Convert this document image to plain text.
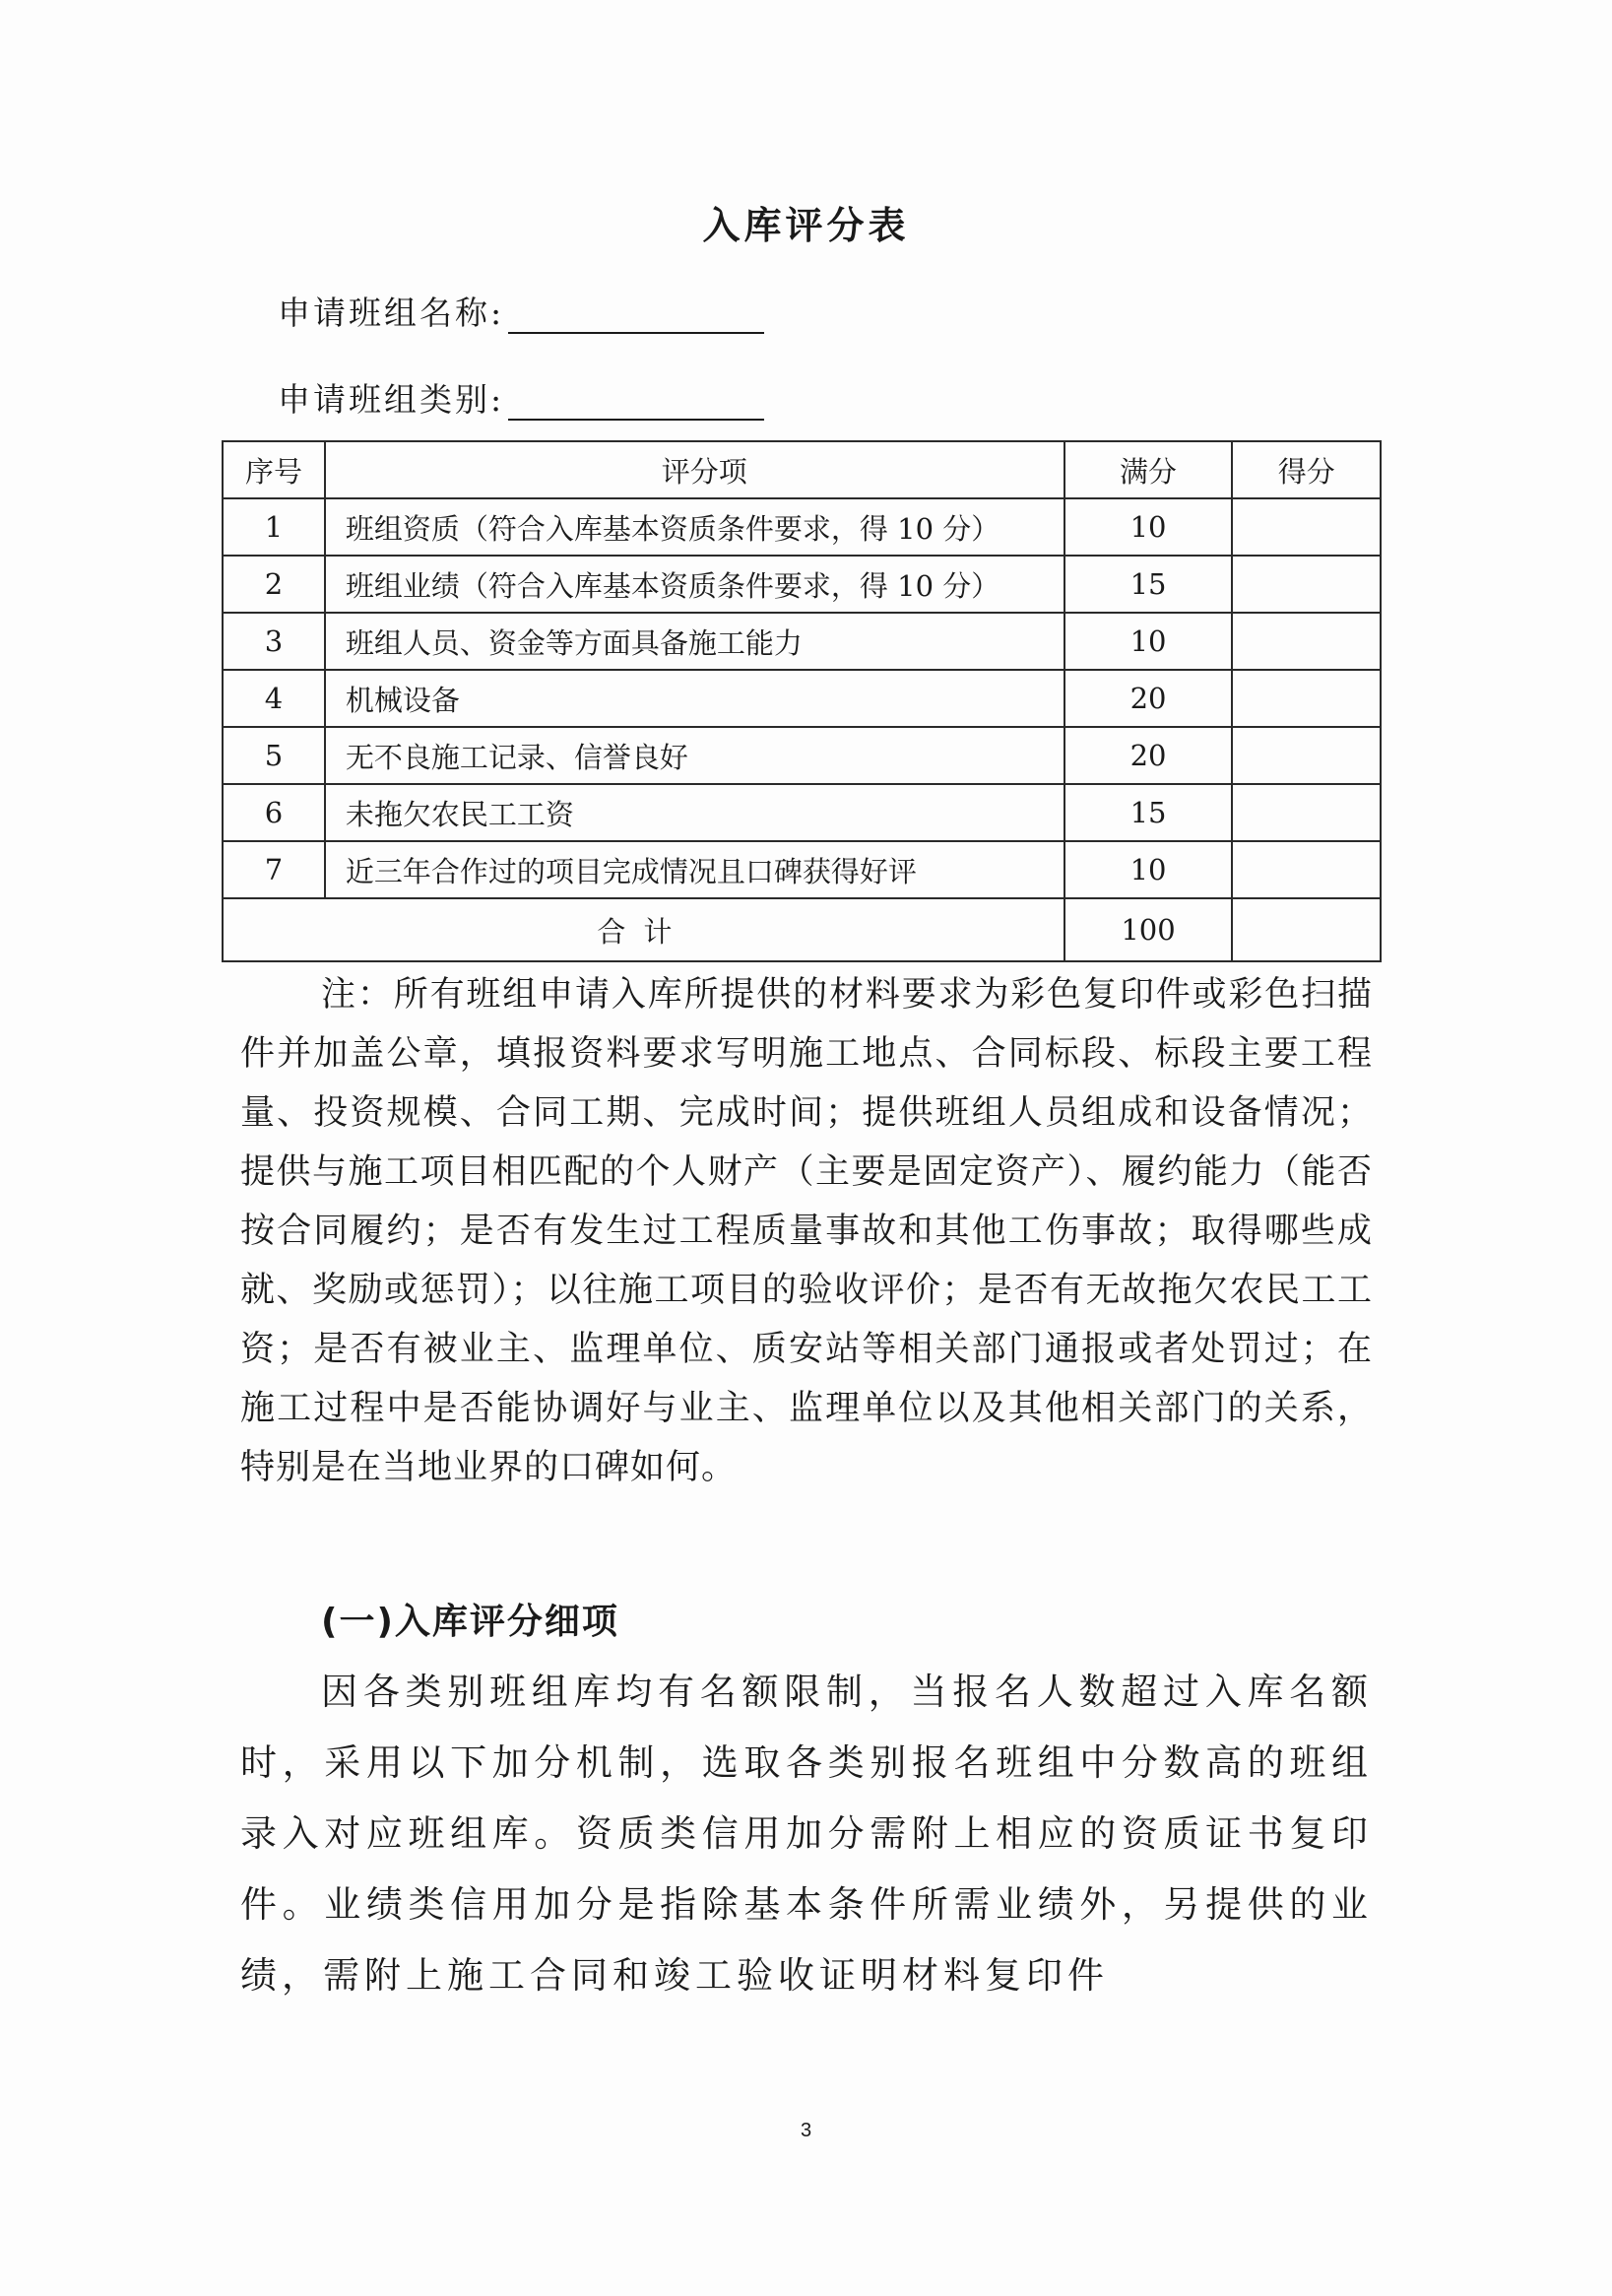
入库评分表
申请班组名称:
申请班组类别:
序号	评分项	满分	得分
1	班组资质（符合入库基本资质条件要求，得 10 分）	10	
2	班组业绩（符合入库基本资质条件要求，得 10 分）	15	
3	班组人员、资金等方面具备施工能力	10	
4	机械设备	20	
5	无不良施工记录、信誉良好	20	
6	未拖欠农民工工资	15	
7	近三年合作过的项目完成情况且口碑获得好评	10	
合计		100	

注：所有班组申请入库所提供的材料要求为彩色复印件或彩色扫描件并加盖公章，填报资料要求写明施工地点、合同标段、标段主要工程量、投资规模、合同工期、完成时间；提供班组人员组成和设备情况；提供与施工项目相匹配的个人财产（主要是固定资产）、履约能力（能否按合同履约；是否有发生过工程质量事故和其他工伤事故；取得哪些成就、奖励或惩罚）；以往施工项目的验收评价；是否有无故拖欠农民工工资；是否有被业主、监理单位、质安站等相关部门通报或者处罚过；在施工过程中是否能协调好与业主、监理单位以及其他相关部门的关系，特别是在当地业界的口碑如何。

(一)入库评分细项

因各类别班组库均有名额限制，当报名人数超过入库名额时，采用以下加分机制，选取各类别报名班组中分数高的班组录入对应班组库。资质类信用加分需附上相应的资质证书复印件。业绩类信用加分是指除基本条件所需业绩外，另提供的业绩，需附上施工合同和竣工验收证明材料复印件

3
